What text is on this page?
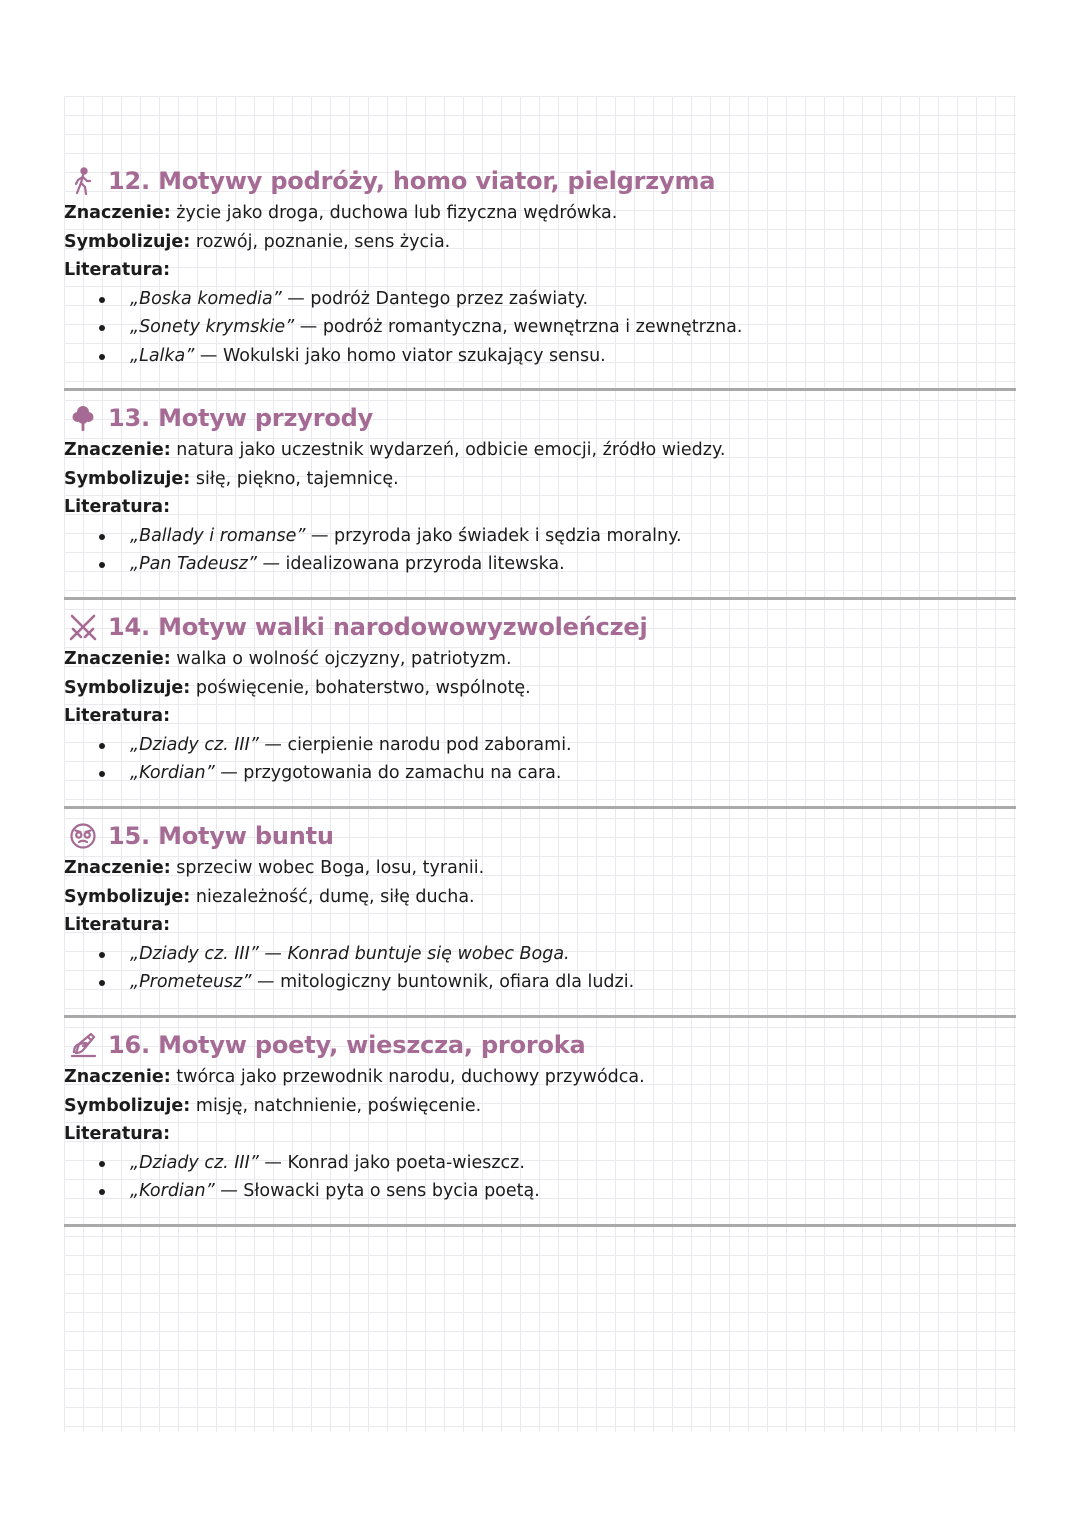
12. Motywy podróży, homo viator, pielgrzyma
Znaczenie: życie jako droga, duchowa lub fizyczna wędrówka.
Symbolizuje: rozwój, poznanie, sens życia.
Literatura:
„Boska komedia” — podróż Dantego przez zaświaty.
„Sonety krymskie” — podróż romantyczna, wewnętrzna i zewnętrzna.
„Lalka” — Wokulski jako homo viator szukający sensu.
13. Motyw przyrody
Znaczenie: natura jako uczestnik wydarzeń, odbicie emocji, źródło wiedzy.
Symbolizuje: siłę, piękno, tajemnicę.
Literatura:
„Ballady i romanse” — przyroda jako świadek i sędzia moralny.
„Pan Tadeusz” — idealizowana przyroda litewska.
14. Motyw walki narodowowyzwoleńczej
Znaczenie: walka o wolność ojczyzny, patriotyzm.
Symbolizuje: poświęcenie, bohaterstwo, wspólnotę.
Literatura:
„Dziady cz. III” — cierpienie narodu pod zaborami.
„Kordian” — przygotowania do zamachu na cara.
15. Motyw buntu
Znaczenie: sprzeciw wobec Boga, losu, tyranii.
Symbolizuje: niezależność, dumę, siłę ducha.
Literatura:
„Dziady cz. III” — Konrad buntuje się wobec Boga.
„Prometeusz” — mitologiczny buntownik, ofiara dla ludzi.
16. Motyw poety, wieszcza, proroka
Znaczenie: twórca jako przewodnik narodu, duchowy przywódca.
Symbolizuje: misję, natchnienie, poświęcenie.
Literatura:
„Dziady cz. III” — Konrad jako poeta-wieszcz.
„Kordian” — Słowacki pyta o sens bycia poetą.
